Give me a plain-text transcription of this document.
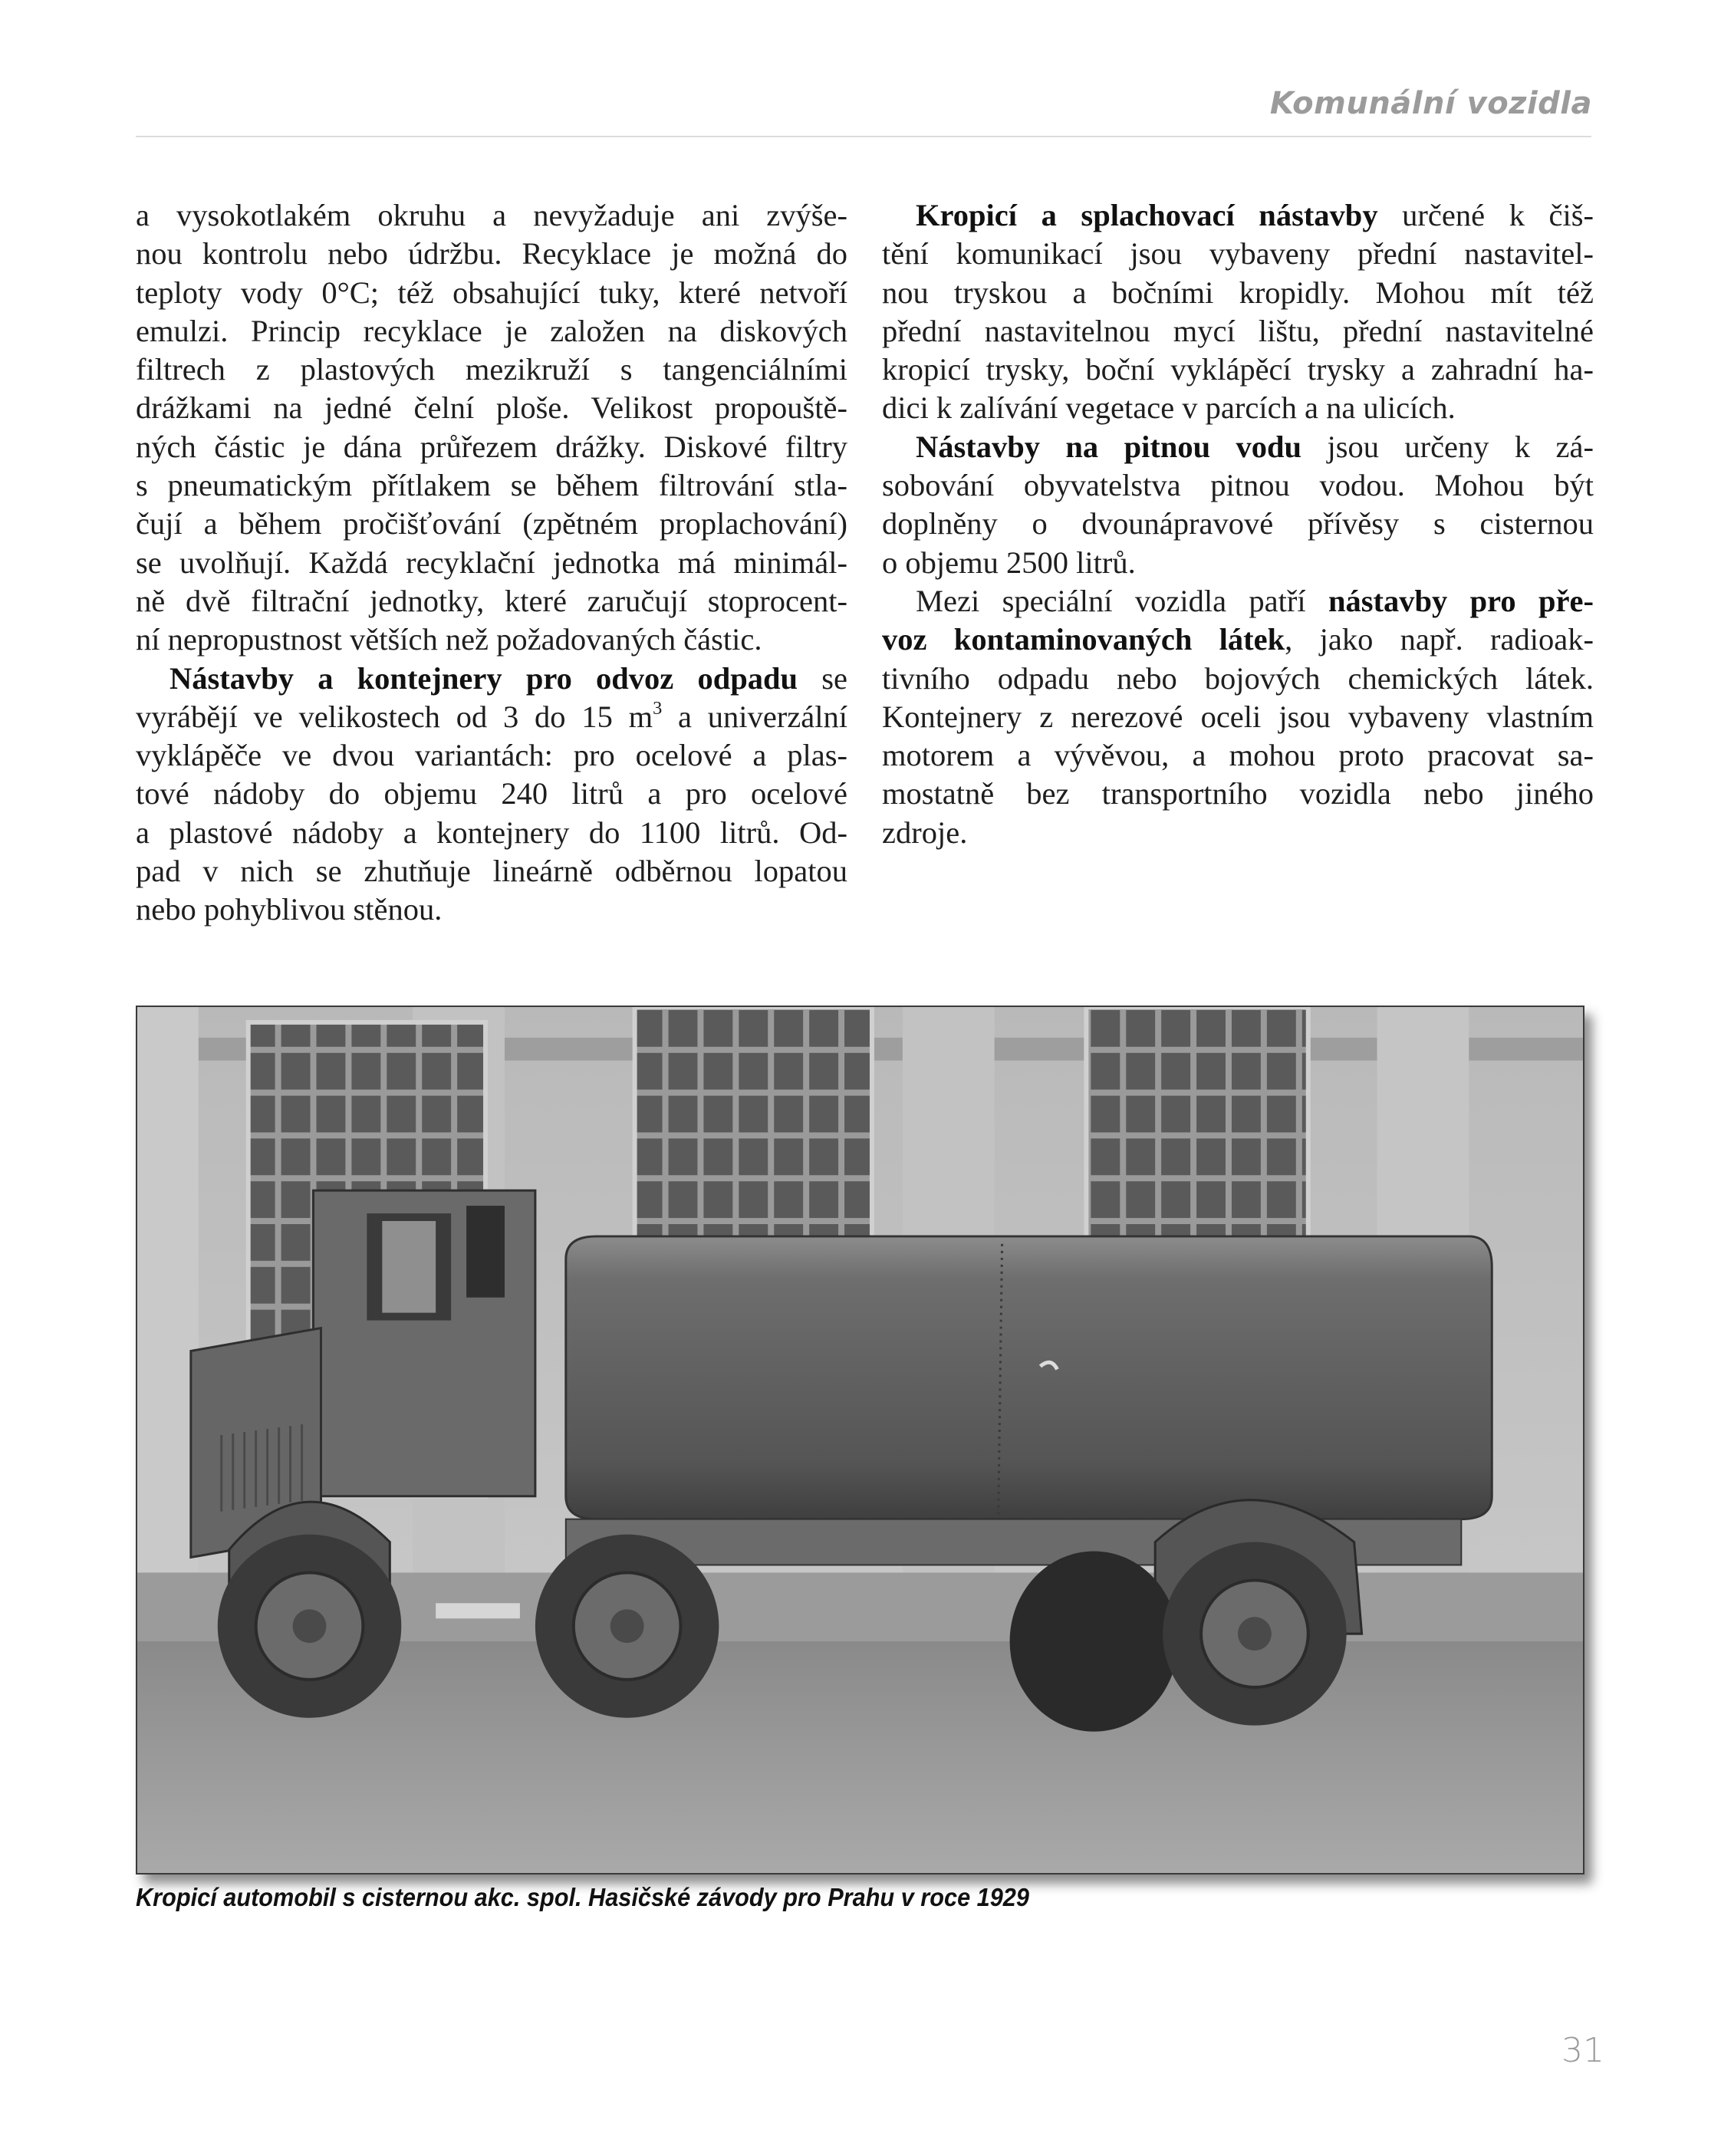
Komunální vozidla

a vysokotlakém okruhu a nevyžaduje ani zvýše-
nou kontrolu nebo údržbu. Recyklace je možná do
teploty vody 0°C; též obsahující tuky, které netvoří
emulzi. Princip recyklace je založen na diskových
filtrech z plastových mezikruží s tangenciálními
drážkami na jedné čelní ploše. Velikost propouště-
ných částic je dána průřezem drážky. Diskové filtry
s pneumatickým přítlakem se během filtrování stla-
čují a během pročišťování (zpětném proplachování)
se uvolňují. Každá recyklační jednotka má minimál-
ně dvě filtrační jednotky, které zaručují stoprocent-
ní nepropustnost větších než požadovaných částic.

Nástavby a kontejnery pro odvoz odpadu se
vyrábějí ve velikostech od 3 do 15 $m^3$ a univerzální
vyklápěče ve dvou variantách: pro ocelové a plas-
tové nádoby do objemu 240 litrů a pro ocelové
a plastové nádoby a kontejnery do 1100 litrů. Od-
pad v nich se zhutňuje lineárně odběrnou lopatou
nebo pohyblivou stěnou.

Kropicí a splachovací nástavby určené k čiš-
tění komunikací jsou vybaveny přední nastavitel-
nou tryskou a bočními kropidly. Mohou mít též
přední nastavitelnou mycí lištu, přední nastavitelné
kropicí trysky, boční vyklápěcí trysky a zahradní ha-
dici k zalívání vegetace v parcích a na ulicích.

Nástavby na pitnou vodu jsou určeny k zá-
sobování obyvatelstva pitnou vodou. Mohou být
doplněny o dvounápravové přívěsy s cisternou
o objemu 2500 litrů.

Mezi speciální vozidla patří nástavby pro pře-
voz kontaminovaných látek, jako např. radioak-
tivního odpadu nebo bojových chemických látek.
Kontejnery z nerezové oceli jsou vybaveny vlastním
motorem a vývěvou, a mohou proto pracovat sa-
mostatně bez transportního vozidla nebo jiného
zdroje.

Kropicí automobil s cisternou akc. spol. Hasičské závody pro Prahu v roce 1929
31
